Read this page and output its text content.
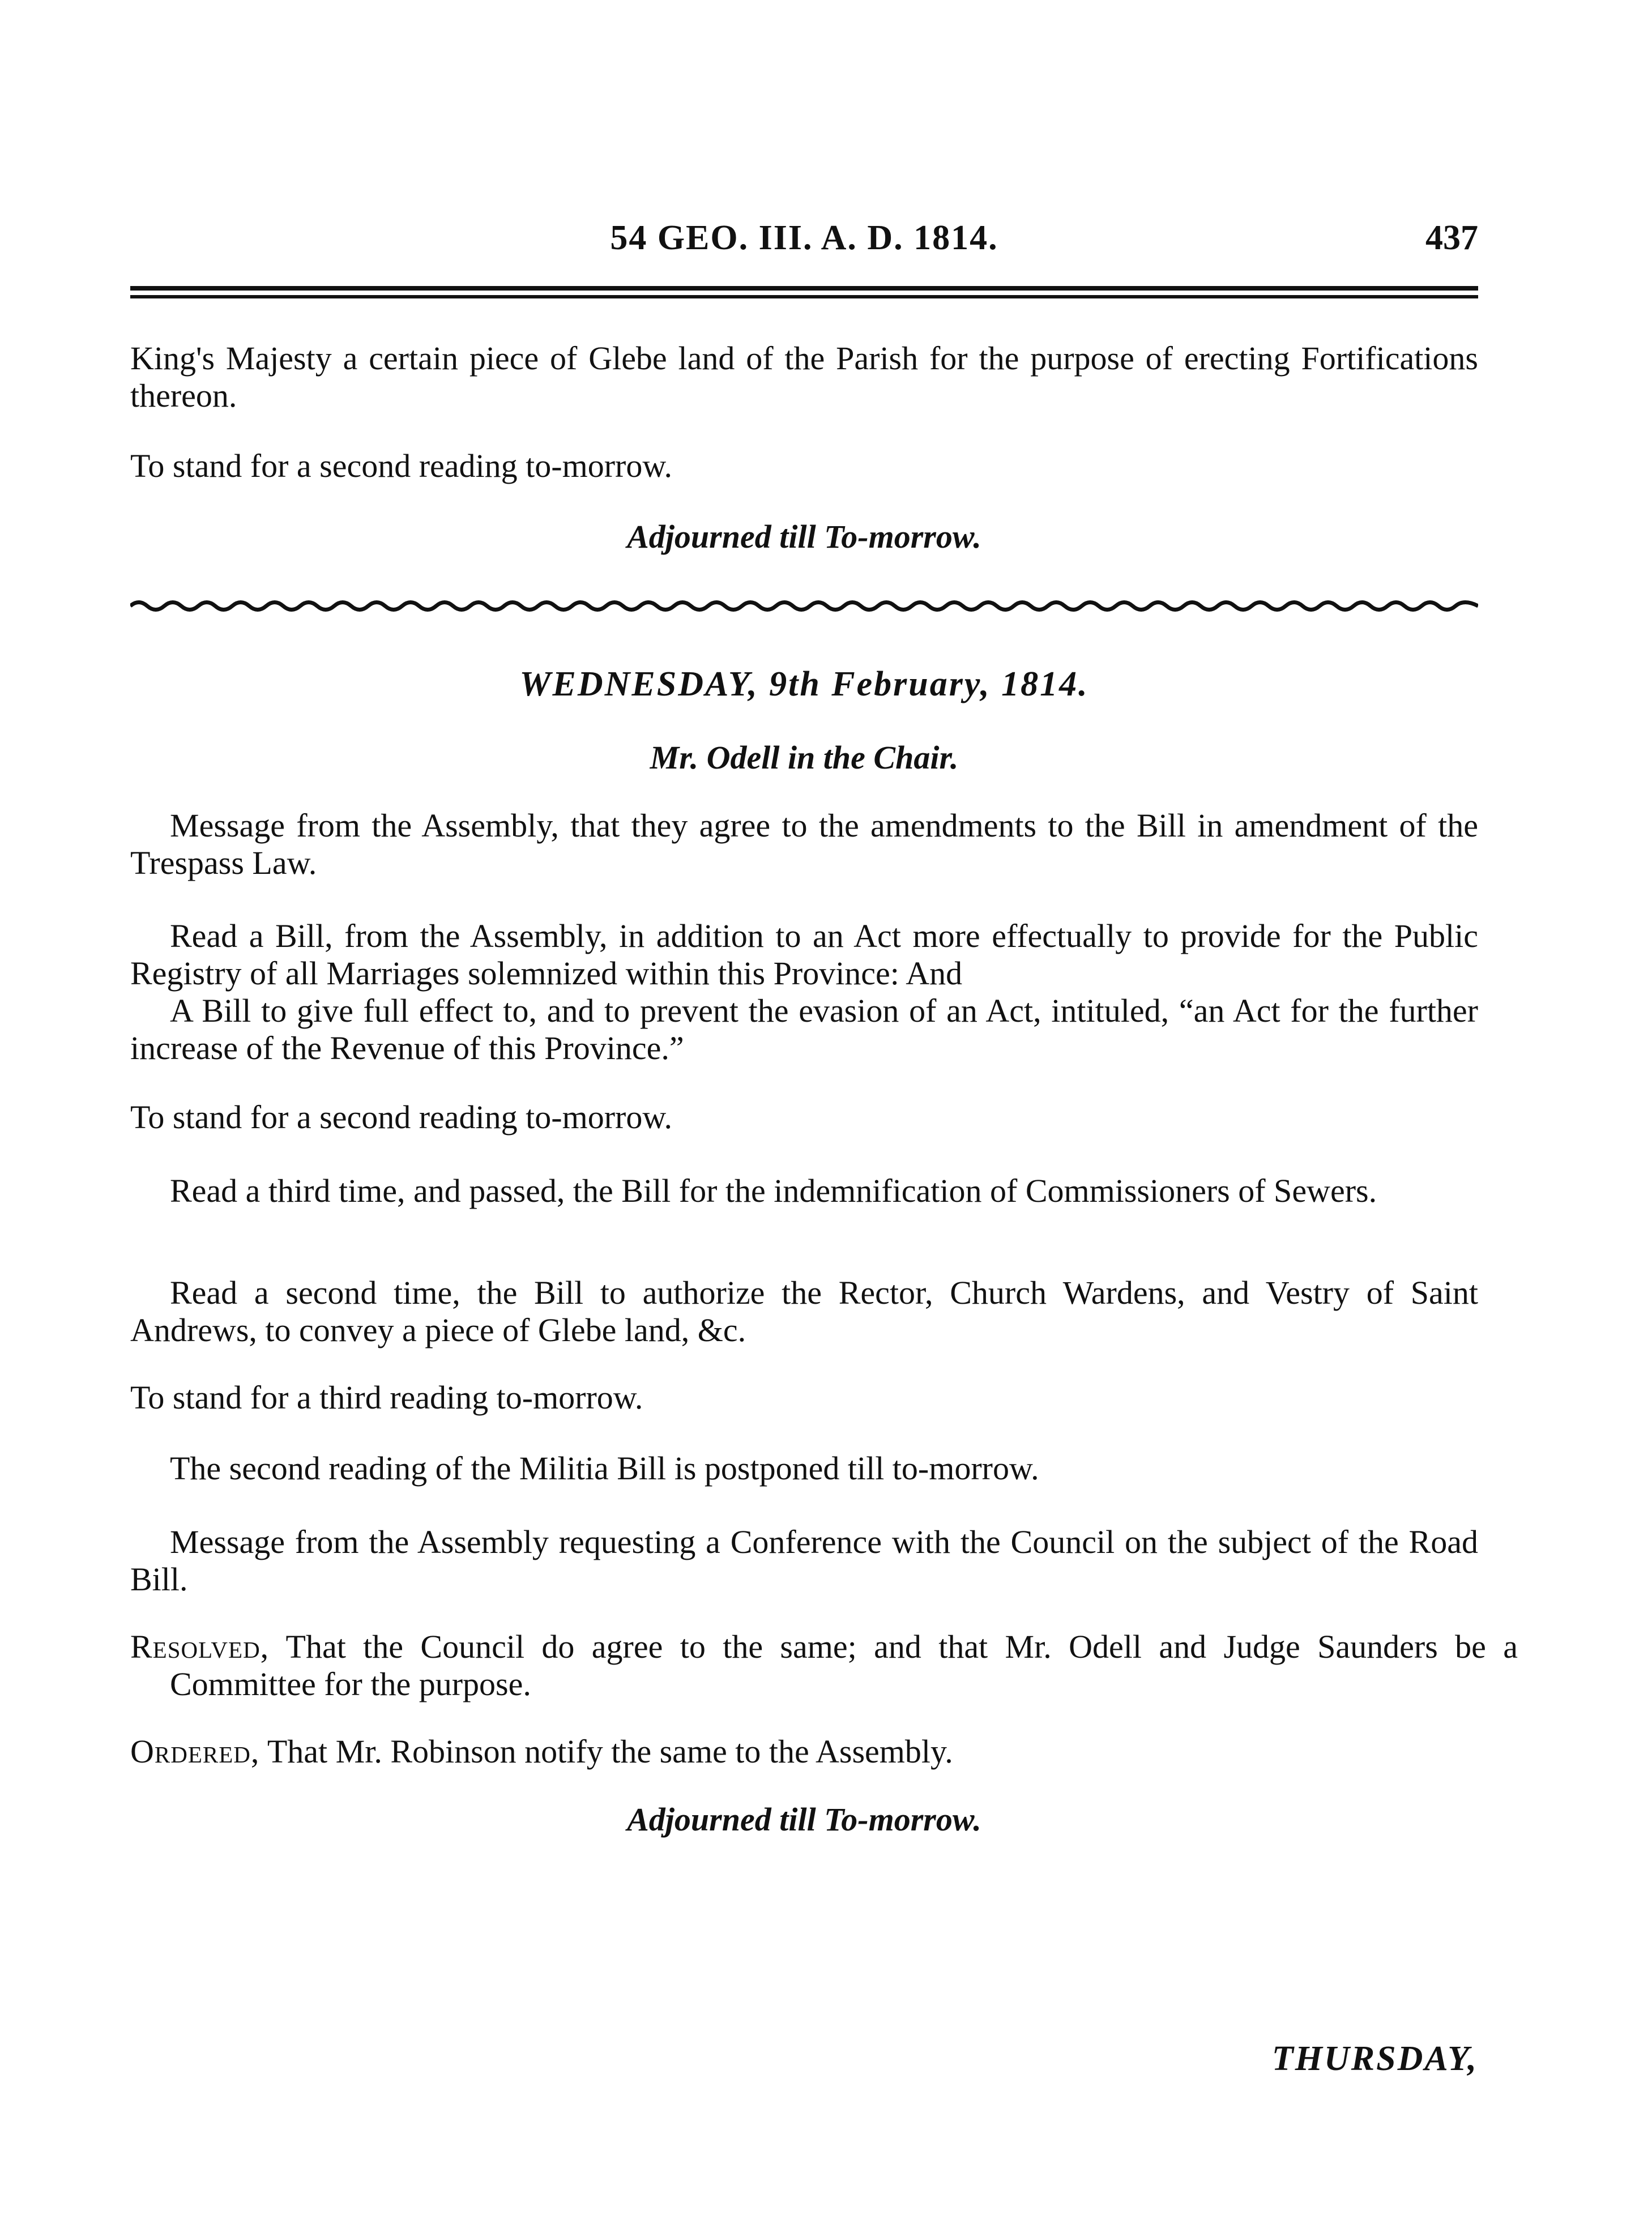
54 GEO. III. A. D. 1814.	437
King's Majesty a certain piece of Glebe land of the Parish for the purpose of erecting Fortifications thereon.
To stand for a second reading to-morrow.
Adjourned till To-morrow.
WEDNESDAY, 9th February, 1814.
Mr. Odell in the Chair.
Message from the Assembly, that they agree to the amendments to the Bill in amendment of the Trespass Law.
Read a Bill, from the Assembly, in addition to an Act more effectually to provide for the Public Registry of all Marriages solemnized within this Province: And
A Bill to give full effect to, and to prevent the evasion of an Act, intituled, “an Act for the further increase of the Revenue of this Province.”
To stand for a second reading to-morrow.
Read a third time, and passed, the Bill for the indemnification of Commissioners of Sewers.
Read a second time, the Bill to authorize the Rector, Church Wardens, and Vestry of Saint Andrews, to convey a piece of Glebe land, &c.
To stand for a third reading to-morrow.
The second reading of the Militia Bill is postponed till to-morrow.
Message from the Assembly requesting a Conference with the Council on the subject of the Road Bill.
Resolved, That the Council do agree to the same; and that Mr. Odell and Judge Saunders be a Committee for the purpose.
Ordered, That Mr. Robinson notify the same to the Assembly.
Adjourned till To-morrow.
THURSDAY,
